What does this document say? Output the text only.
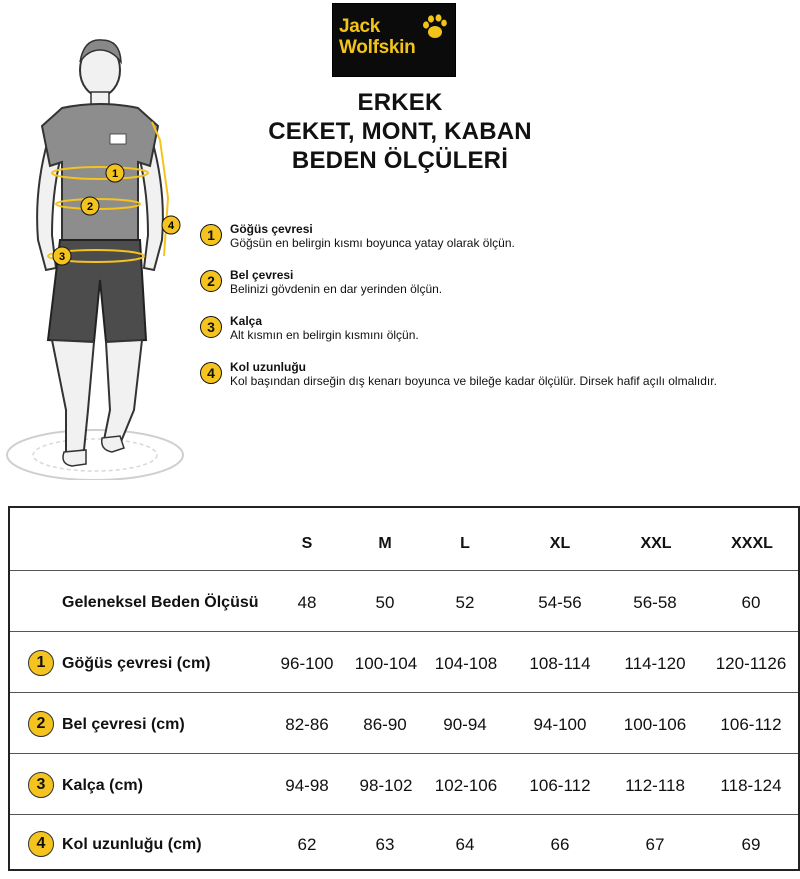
Jack
Wolfskin
ERKEK
CEKET, MONT, KABAN
BEDEN ÖLÇÜLERİ
1
2
3
4
1	Göğüs çevresi
Göğsün en belirgin kısmı boyunca yatay olarak ölçün.
2	Bel çevresi
Belinizi gövdenin en dar yerinden ölçün.
3	Kalça
Alt kısmın en belirgin kısmını ölçün.
4	Kol uzunluğu
Kol başından dirseğin dış kenarı boyunca ve bileğe kadar ölçülür. Dirsek hafif açılı olmalıdır.
S	M	L	XL	XXL	XXXL
Geleneksel Beden Ölçüsü	48	50	52	54-56	56-58	60
1	Göğüs çevresi (cm)	96-100	100-104	104-108	108-114	114-120	120-1126
2	Bel çevresi (cm)	82-86	86-90	90-94	94-100	100-106	106-112
3	Kalça (cm)	94-98	98-102	102-106	106-112	112-118	118-124
4	Kol uzunluğu (cm)	62	63	64	66	67	69
